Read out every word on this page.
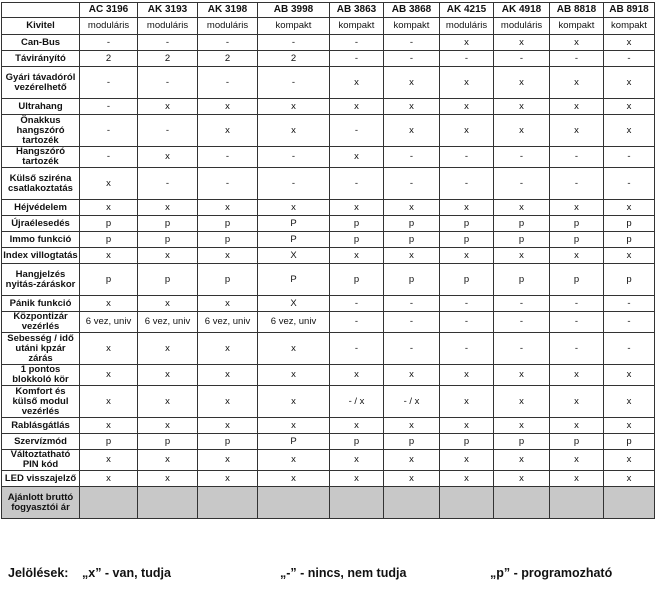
	AC 3196	AK 3193	AK 3198	AB 3998	AB 3863	AB 3868	AK 4215	AK 4918	AB 8818	AB 8918
Kivitel	moduláris	moduláris	moduláris	kompakt	kompakt	kompakt	moduláris	moduláris	kompakt	kompakt
Can-Bus	-	-	-	-	-	-	x	x	x	x
Távirányító	2	2	2	2	-	-	-	-	-	-
Gyári távadóról vezérelhető	-	-	-	-	x	x	x	x	x	x
Ultrahang	-	x	x	x	x	x	x	x	x	x
Önakkus hangszóró tartozék	-	-	x	x	-	x	x	x	x	x
Hangszóró tartozék	-	x	-	-	x	-	-	-	-	-
Külső sziréna csatlakoztatás	x	-	-	-	-	-	-	-	-	-
Héjvédelem	x	x	x	x	x	x	x	x	x	x
Újraélesedés	p	p	p	P	p	p	p	p	p	p
Immo funkció	p	p	p	P	p	p	p	p	p	p
Index villogtatás	x	x	x	X	x	x	x	x	x	x
Hangjelzés nyitás-záráskor	p	p	p	P	p	p	p	p	p	p
Pánik funkció	x	x	x	X	-	-	-	-	-	-
Központizár vezérlés	6 vez, univ	6 vez, univ	6 vez, univ	6 vez, univ	-	-	-	-	-	-
Sebesség / idő utáni kpzár zárás	x	x	x	x	-	-	-	-	-	-
1 pontos blokkoló kör	x	x	x	x	x	x	x	x	x	x
Komfort és külső modul vezérlés	x	x	x	x	- / x	- / x	x	x	x	x
Rablásgátlás	x	x	x	x	x	x	x	x	x	x
Szervízmód	p	p	p	P	p	p	p	p	p	p
Változtatható PIN kód	x	x	x	x	x	x	x	x	x	x
LED visszajelző	x	x	x	x	x	x	x	x	x	x
Ajánlott bruttó fogyasztói ár										
Jelölések: „x” - van, tudja	„-” - nincs, nem tudja	„p” - programozható
